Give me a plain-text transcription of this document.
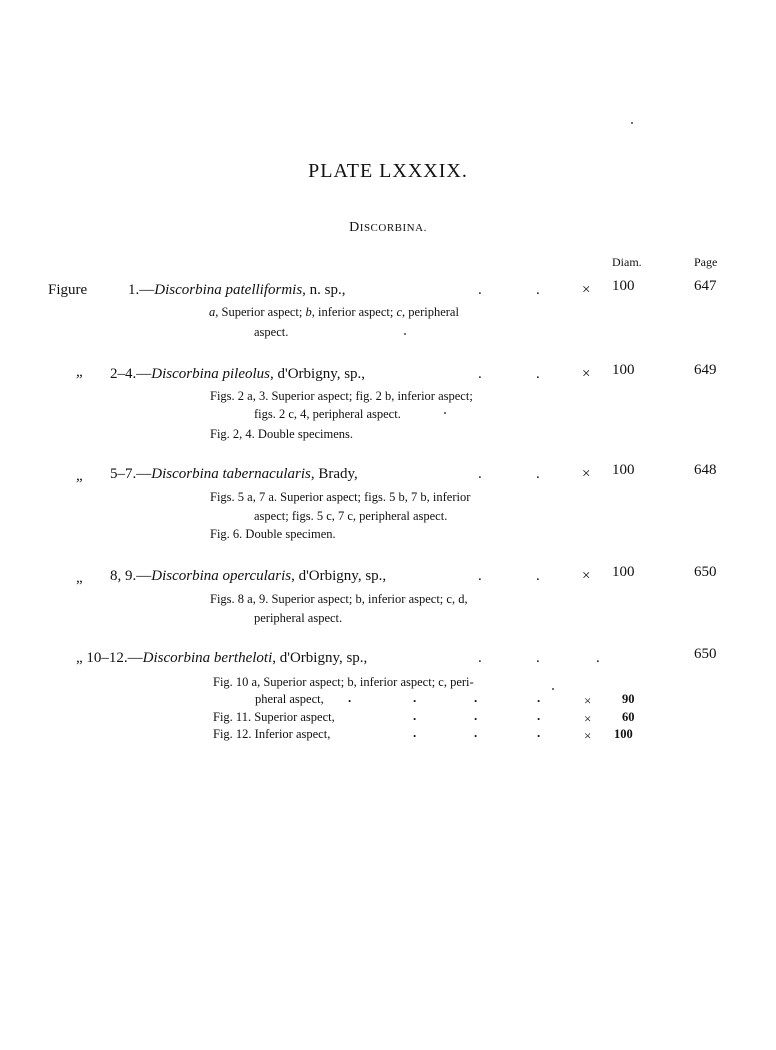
PLATE LXXXIX.
DISCORBINA.
Diam.	Page
Figure	1.—Discorbina patelliformis, n. sp.,	.	.	× 100	647
a, Superior aspect; b, inferior aspect; c, peripheral
aspect.
„ 2–4.—Discorbina pileolus, d'Orbigny, sp.,	.	.	× 100	649
Figs. 2 a, 3. Superior aspect; fig. 2 b, inferior aspect;
figs. 2 c, 4, peripheral aspect.
Fig. 2, 4. Double specimens.
„ 5–7.—Discorbina tabernacularis, Brady,	.	.	× 100	648
Figs. 5 a, 7 a. Superior aspect; figs. 5 b, 7 b, inferior
aspect; figs. 5 c, 7 c, peripheral aspect.
Fig. 6. Double specimen.
„ 8, 9.—Discorbina opercularis, d'Orbigny, sp.,	.	.	× 100	650
Figs. 8 a, 9. Superior aspect; b, inferior aspect; c, d,
peripheral aspect.
„ 10–12.—Discorbina bertheloti, d'Orbigny, sp.,	.	.	.	650
Fig. 10 a, Superior aspect; b, inferior aspect; c, peri-
pheral aspect, .	.	.	.	× 90
Fig. 11. Superior aspect,	.	.	.	× 60
Fig. 12. Inferior aspect,	.	.	.	× 100
